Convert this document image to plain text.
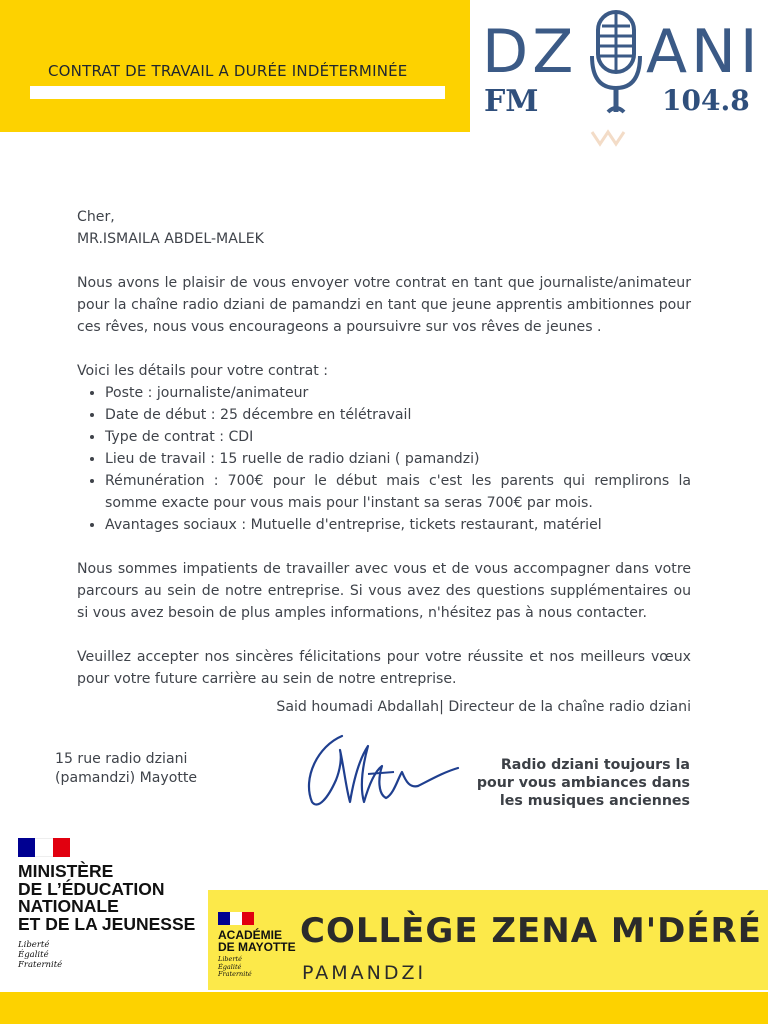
CONTRAT DE TRAVAIL A DURÉE INDÉTERMINÉE DZ ANI
FM	104.8

Cher,

MR.ISMAILA ABDEL-MALEK

Nous avons le plaisir de vous envoyer votre contrat en tant que journaliste/animateur pour la chaîne radio dziani de pamandzi en tant que jeune apprentis ambitionnes pour ces rêves, nous vous encourageons a poursuivre sur vos rêves de jeunes .

Voici les détails pour votre contrat :

• Poste : journaliste/animateur
• Date de début : 25 décembre en télétravail
• Type de contrat : CDI
• Lieu de travail : 15 ruelle de radio dziani ( pamandzi)
• Rémunération : 700€ pour le début mais c'est les parents qui remplirons la somme exacte pour vous mais pour l'instant sa seras 700€ par mois.
• Avantages sociaux : Mutuelle d'entreprise, tickets restaurant, matériel

Nous sommes impatients de travailler avec vous et de vous accompagner dans votre parcours au sein de notre entreprise. Si vous avez des questions supplémentaires ou si vous avez besoin de plus amples informations, n'hésitez pas à nous contacter.

Veuillez accepter nos sincères félicitations pour votre réussite et nos meilleurs vœux pour votre future carrière au sein de notre entreprise.

Said houmadi Abdallah| Directeur de la chaîne radio dziani
15 rue radio dziani (pamandzi) Mayotte
Radio dziani toujours la
pour vous ambiances dans
les musiques anciennes
MINISTÈRE
DE L’ÉDUCATION
NATIONALE
ET DE LA JEUNESSE
Liberté
Égalité
Fraternité
ACADÉMIE
DE MAYOTTE
Liberté
Égalité
Fraternité
COLLÈGE ZENA M'DÉRÉ
PAMANDZI
